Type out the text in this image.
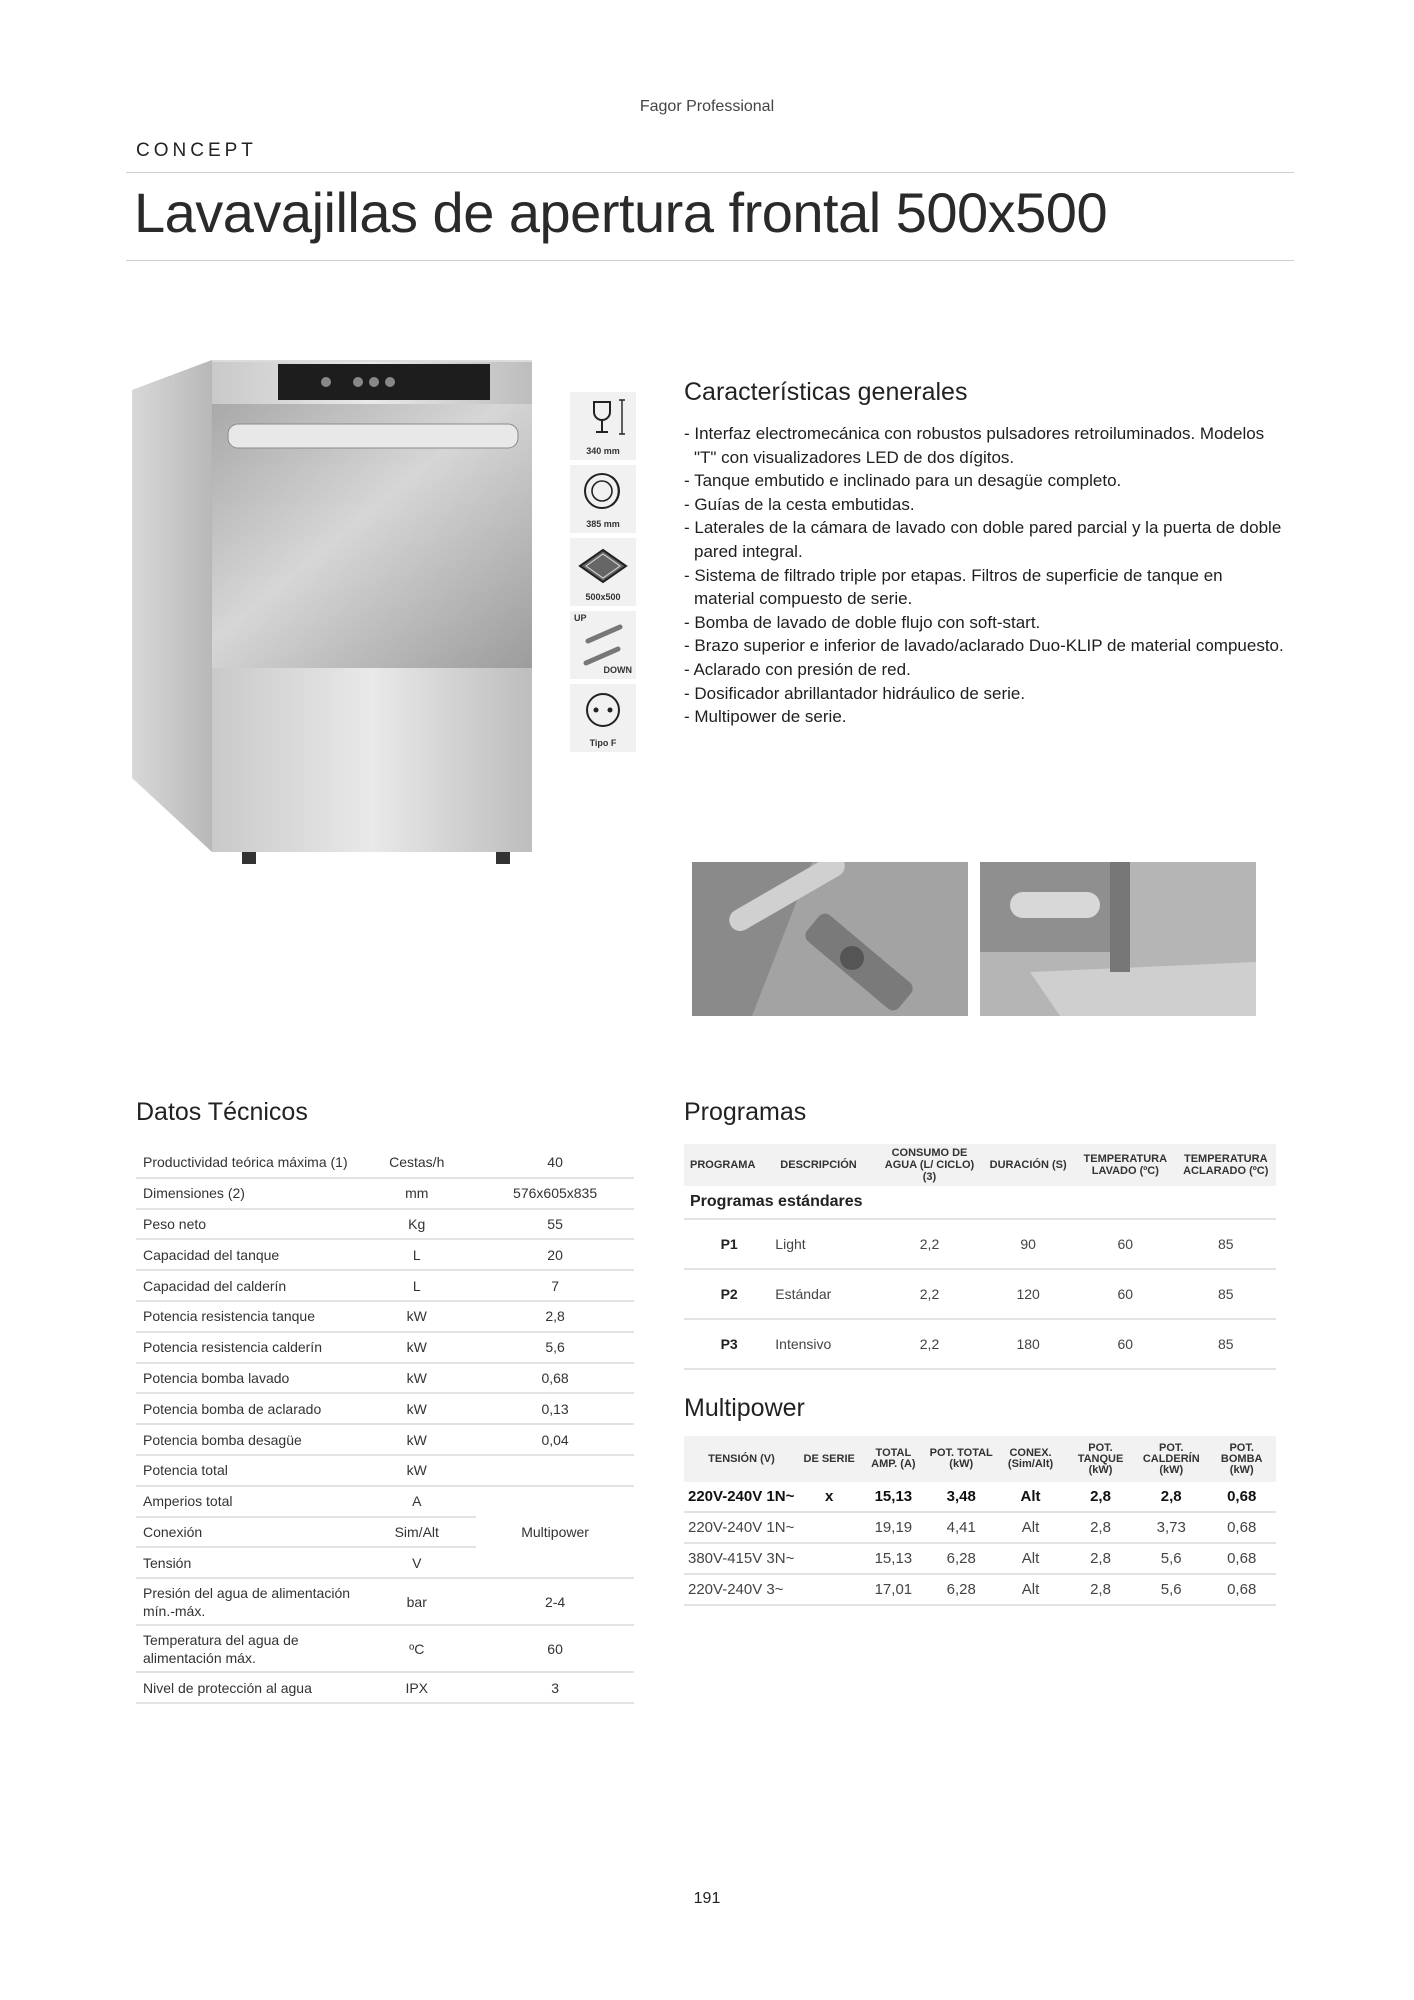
Fagor Professional
CONCEPT
Lavavajillas de apertura frontal 500x500
340 mm
385 mm
500x500
UP
DOWN
Tipo F
Características generales
- Interfaz electromecánica con robustos pulsadores retroiluminados. Modelos "T" con visualizadores LED de dos dígitos.
- Tanque embutido e inclinado para un desagüe completo.
- Guías de la cesta embutidas.
- Laterales de la cámara de lavado con doble pared parcial y la puerta de doble pared integral.
- Sistema de filtrado triple por etapas. Filtros de superficie de tanque en material compuesto de serie.
- Bomba de lavado de doble flujo con soft-start.
- Brazo superior e inferior de lavado/aclarado Duo-KLIP de material compuesto.
- Aclarado con presión de red.
- Dosificador abrillantador hidráulico de serie.
- Multipower de serie.
Datos Técnicos
Productividad teórica máxima (1)	Cestas/h	40
Dimensiones (2)	mm	576x605x835
Peso neto	Kg	55
Capacidad del tanque	L	20
Capacidad del calderín	L	7
Potencia resistencia tanque	kW	2,8
Potencia resistencia calderín	kW	5,6
Potencia bomba lavado	kW	0,68
Potencia bomba de aclarado	kW	0,13
Potencia bomba desagüe	kW	0,04
Potencia total	kW	
Amperios total	A	Multipower
Conexión	Sim/Alt	
Tensión	V	
Presión del agua de alimentación mín.-máx.	bar	2-4
Temperatura del agua de alimentación máx.	ºC	60
Nivel de protección al agua	IPX	3
Programas
PROGRAMA	DESCRIPCIÓN	CONSUMO DE AGUA (L/ CICLO) (3)	DURACIÓN (S)	TEMPERATURA LAVADO (ºC)	TEMPERATURA ACLARADO (ºC)
Programas estándares					
P1	Light	2,2	90	60	85
P2	Estándar	2,2	120	60	85
P3	Intensivo	2,2	180	60	85
Multipower
TENSIÓN (V)	DE SERIE	TOTAL AMP. (A)	POT. TOTAL (kW)	CONEX. (Sim/Alt)	POT. TANQUE (kW)	POT. CALDERÍN (kW)	POT. BOMBA (kW)
220V-240V 1N~	x	15,13	3,48	Alt	2,8	2,8	0,68
220V-240V 1N~		19,19	4,41	Alt	2,8	3,73	0,68
380V-415V 3N~		15,13	6,28	Alt	2,8	5,6	0,68
220V-240V 3~		17,01	6,28	Alt	2,8	5,6	0,68
191
